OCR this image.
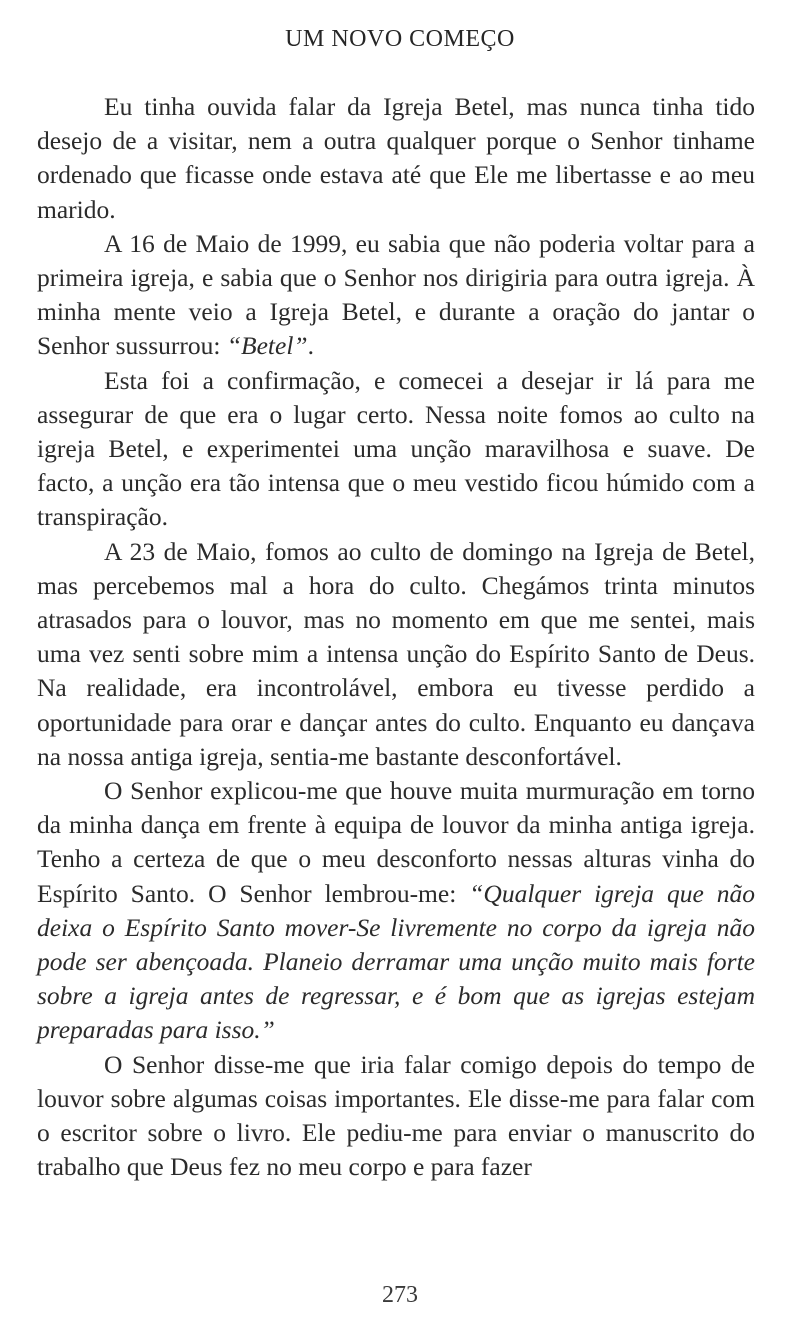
UM NOVO COMEÇO

Eu tinha ouvida falar da Igreja Betel, mas nunca tinha tido desejo de a visitar, nem a outra qualquer porque o Senhor tinhame ordenado que ficasse onde estava até que Ele me libertasse e ao meu marido.

A 16 de Maio de 1999, eu sabia que não poderia voltar para a primeira igreja, e sabia que o Senhor nos dirigiria para outra igreja. À minha mente veio a Igreja Betel, e durante a oração do jantar o Senhor sussurrou: “Betel”.

Esta foi a confirmação, e comecei a desejar ir lá para me assegurar de que era o lugar certo. Nessa noite fomos ao culto na igreja Betel, e experimentei uma unção maravilhosa e suave. De facto, a unção era tão intensa que o meu vestido ficou húmido com a transpiração.

A 23 de Maio, fomos ao culto de domingo na Igreja de Betel, mas percebemos mal a hora do culto. Chegámos trinta minutos atrasados para o louvor, mas no momento em que me sentei, mais uma vez senti sobre mim a intensa unção do Espírito Santo de Deus. Na realidade, era incontrolável, embora eu tivesse perdido a oportunidade para orar e dançar antes do culto. Enquanto eu dançava na nossa antiga igreja, sentia-me bastante desconfortável.

O Senhor explicou-me que houve muita murmuração em torno da minha dança em frente à equipa de louvor da minha antiga igreja. Tenho a certeza de que o meu desconforto nessas alturas vinha do Espírito Santo. O Senhor lembrou-me: “Qualquer igreja que não deixa o Espírito Santo mover-Se livremente no corpo da igreja não pode ser abençoada. Planeio derramar uma unção muito mais forte sobre a igreja antes de regressar, e é bom que as igrejas estejam preparadas para isso.”

O Senhor disse-me que iria falar comigo depois do tempo de louvor sobre algumas coisas importantes. Ele disse-me para falar com o escritor sobre o livro. Ele pediu-me para enviar o manuscrito do trabalho que Deus fez no meu corpo e para fazer

273
